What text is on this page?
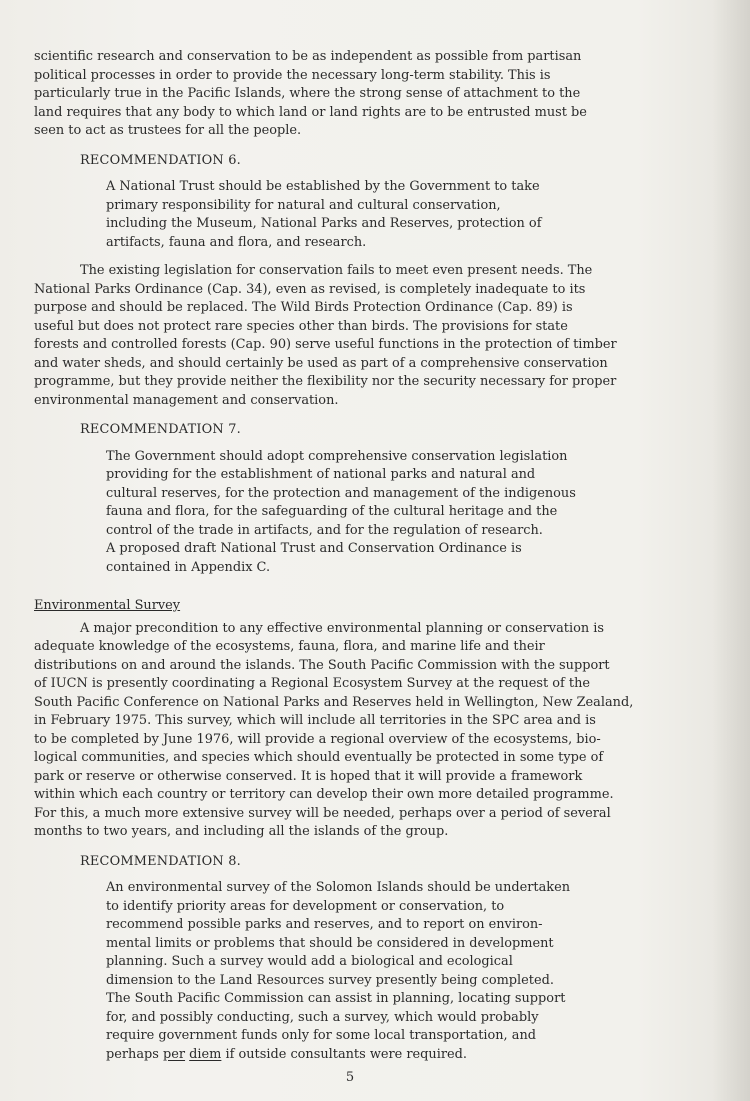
scientific research and conservation to be as independent as possible from partisan
political processes in order to provide the necessary long-term stability. This is
particularly true in the Pacific Islands, where the strong sense of attachment to the
land requires that any body to which land or land rights are to be entrusted must be
seen to act as trustees for all the people.

RECOMMENDATION 6.

A National Trust should be established by the Government to take
primary responsibility for natural and cultural conservation,
including the Museum, National Parks and Reserves, protection of
artifacts, fauna and flora, and research.

The existing legislation for conservation fails to meet even present needs. The
National Parks Ordinance (Cap. 34), even as revised, is completely inadequate to its
purpose and should be replaced. The Wild Birds Protection Ordinance (Cap. 89) is
useful but does not protect rare species other than birds. The provisions for state
forests and controlled forests (Cap. 90) serve useful functions in the protection of timber
and water sheds, and should certainly be used as part of a comprehensive conservation
programme, but they provide neither the flexibility nor the security necessary for proper
environmental management and conservation.

RECOMMENDATION 7.

The Government should adopt comprehensive conservation legislation
providing for the establishment of national parks and natural and
cultural reserves, for the protection and management of the indigenous
fauna and flora, for the safeguarding of the cultural heritage and the
control of the trade in artifacts, and for the regulation of research.
A proposed draft National Trust and Conservation Ordinance is
contained in Appendix C.

Environmental Survey

A major precondition to any effective environmental planning or conservation is
adequate knowledge of the ecosystems, fauna, flora, and marine life and their
distributions on and around the islands. The South Pacific Commission with the support
of IUCN is presently coordinating a Regional Ecosystem Survey at the request of the
South Pacific Conference on National Parks and Reserves held in Wellington, New Zealand,
in February 1975. This survey, which will include all territories in the SPC area and is
to be completed by June 1976, will provide a regional overview of the ecosystems, bio-
logical communities, and species which should eventually be protected in some type of
park or reserve or otherwise conserved. It is hoped that it will provide a framework
within which each country or territory can develop their own more detailed programme.
For this, a much more extensive survey will be needed, perhaps over a period of several
months to two years, and including all the islands of the group.

RECOMMENDATION 8.

An environmental survey of the Solomon Islands should be undertaken
to identify priority areas for development or conservation, to
recommend possible parks and reserves, and to report on environ-
mental limits or problems that should be considered in development
planning. Such a survey would add a biological and ecological
dimension to the Land Resources survey presently being completed.
The South Pacific Commission can assist in planning, locating support
for, and possibly conducting, such a survey, which would probably
require government funds only for some local transportation, and
perhaps per diem if outside consultants were required.

5
